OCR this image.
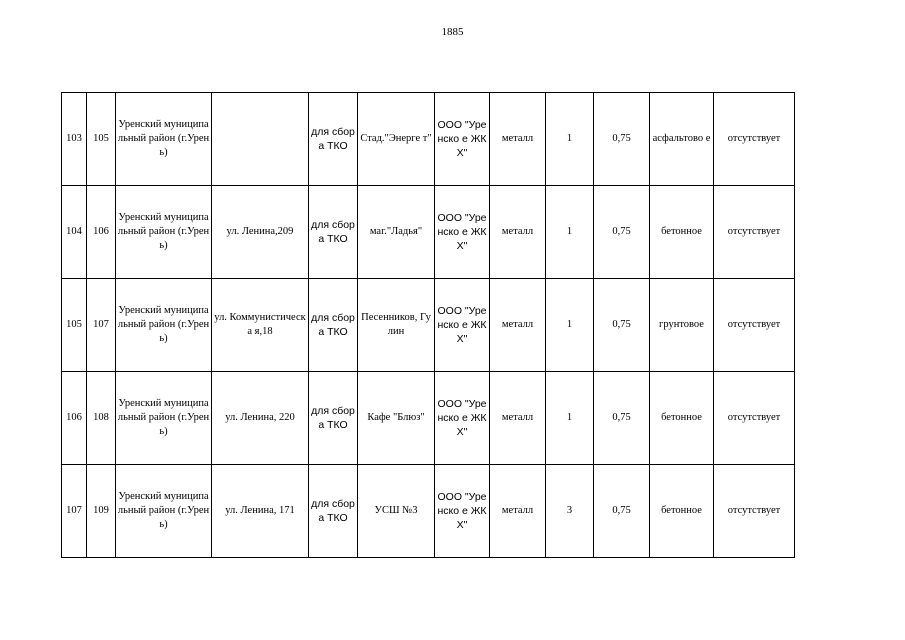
1885
103	105	Уренский муниципальный район (г.Урень)		для сбора ТКО	Стад."Энерге т"	ООО "Уренско е ЖКХ"	металл	1	0,75	асфальтово е	отсутствует

104	106	Уренский муниципальный район (г.Урень)	ул. Ленина,209	для сбора ТКО	маг."Ладья"	ООО "Уренско е ЖКХ"	металл	1	0,75	бетонное	отсутствует

105	107	Уренский муниципальный район (г.Урень)	ул. Коммунистическа я,18	для сбора ТКО	Песенников, Гулин	ООО "Уренско е ЖКХ"	металл	1	0,75	грунтовое	отсутствует

106	108	Уренский муниципальный район (г.Урень)	ул. Ленина, 220	для сбора ТКО	Кафе "Блюз"	ООО "Уренско е ЖКХ"	металл	1	0,75	бетонное	отсутствует

107	109	Уренский муниципальный район (г.Урень)	ул. Ленина, 171	для сбора ТКО	УСШ №3	ООО "Уренско е ЖКХ"	металл	3	0,75	бетонное	отсутствует
